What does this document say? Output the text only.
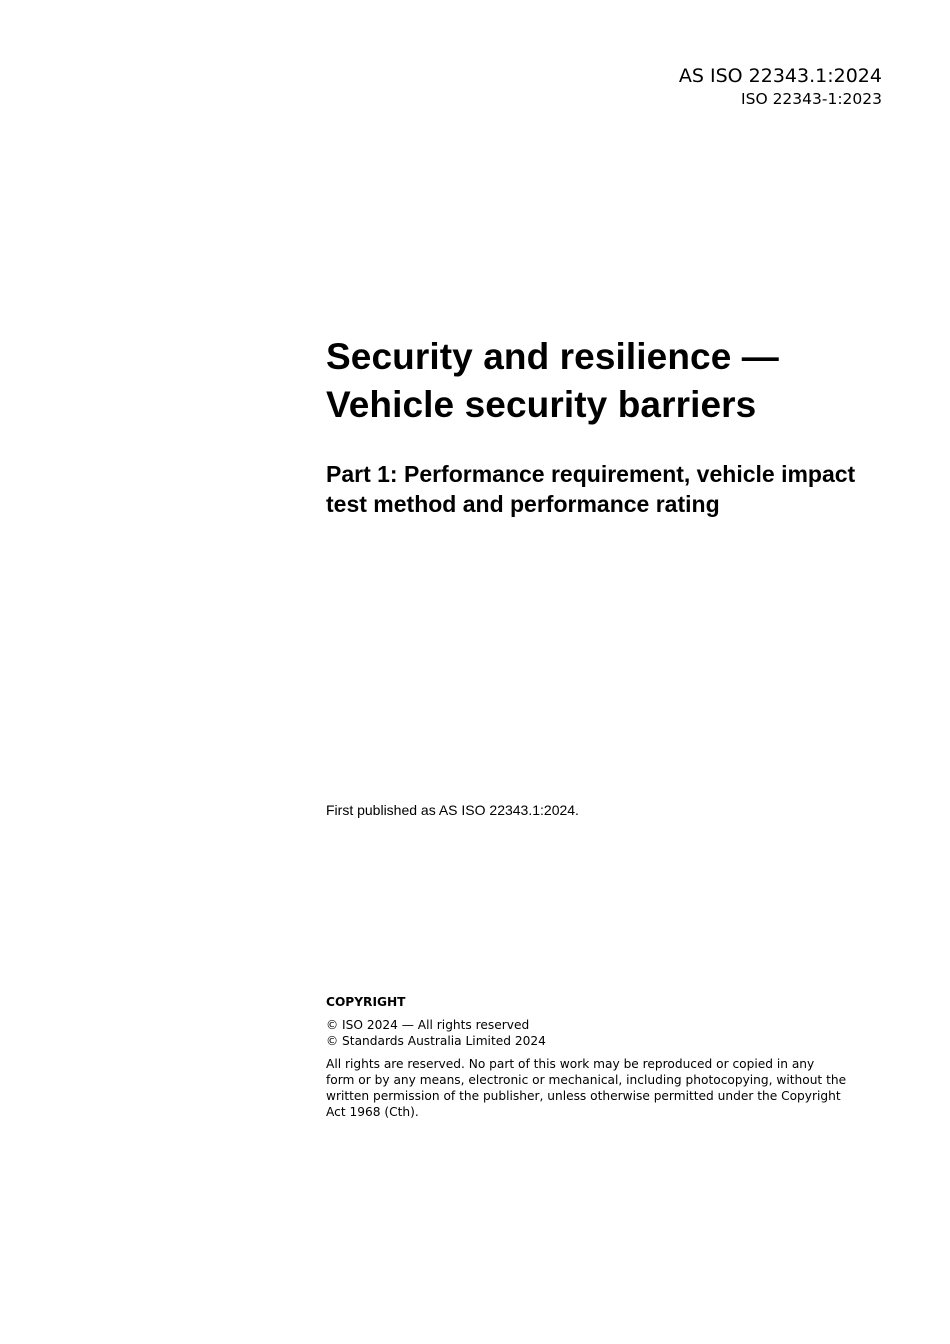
AS ISO 22343.1:2024
ISO 22343-1:2023
Security and resilience —
Vehicle security barriers
Part 1: Performance requirement, vehicle impact
test method and performance rating
First published as AS ISO 22343.1:2024.
COPYRIGHT
© ISO 2024 — All rights reserved
© Standards Australia Limited 2024
All rights are reserved. No part of this work may be reproduced or copied in any
form or by any means, electronic or mechanical, including photocopying, without the
written permission of the publisher, unless otherwise permitted under the Copyright
Act 1968 (Cth).
